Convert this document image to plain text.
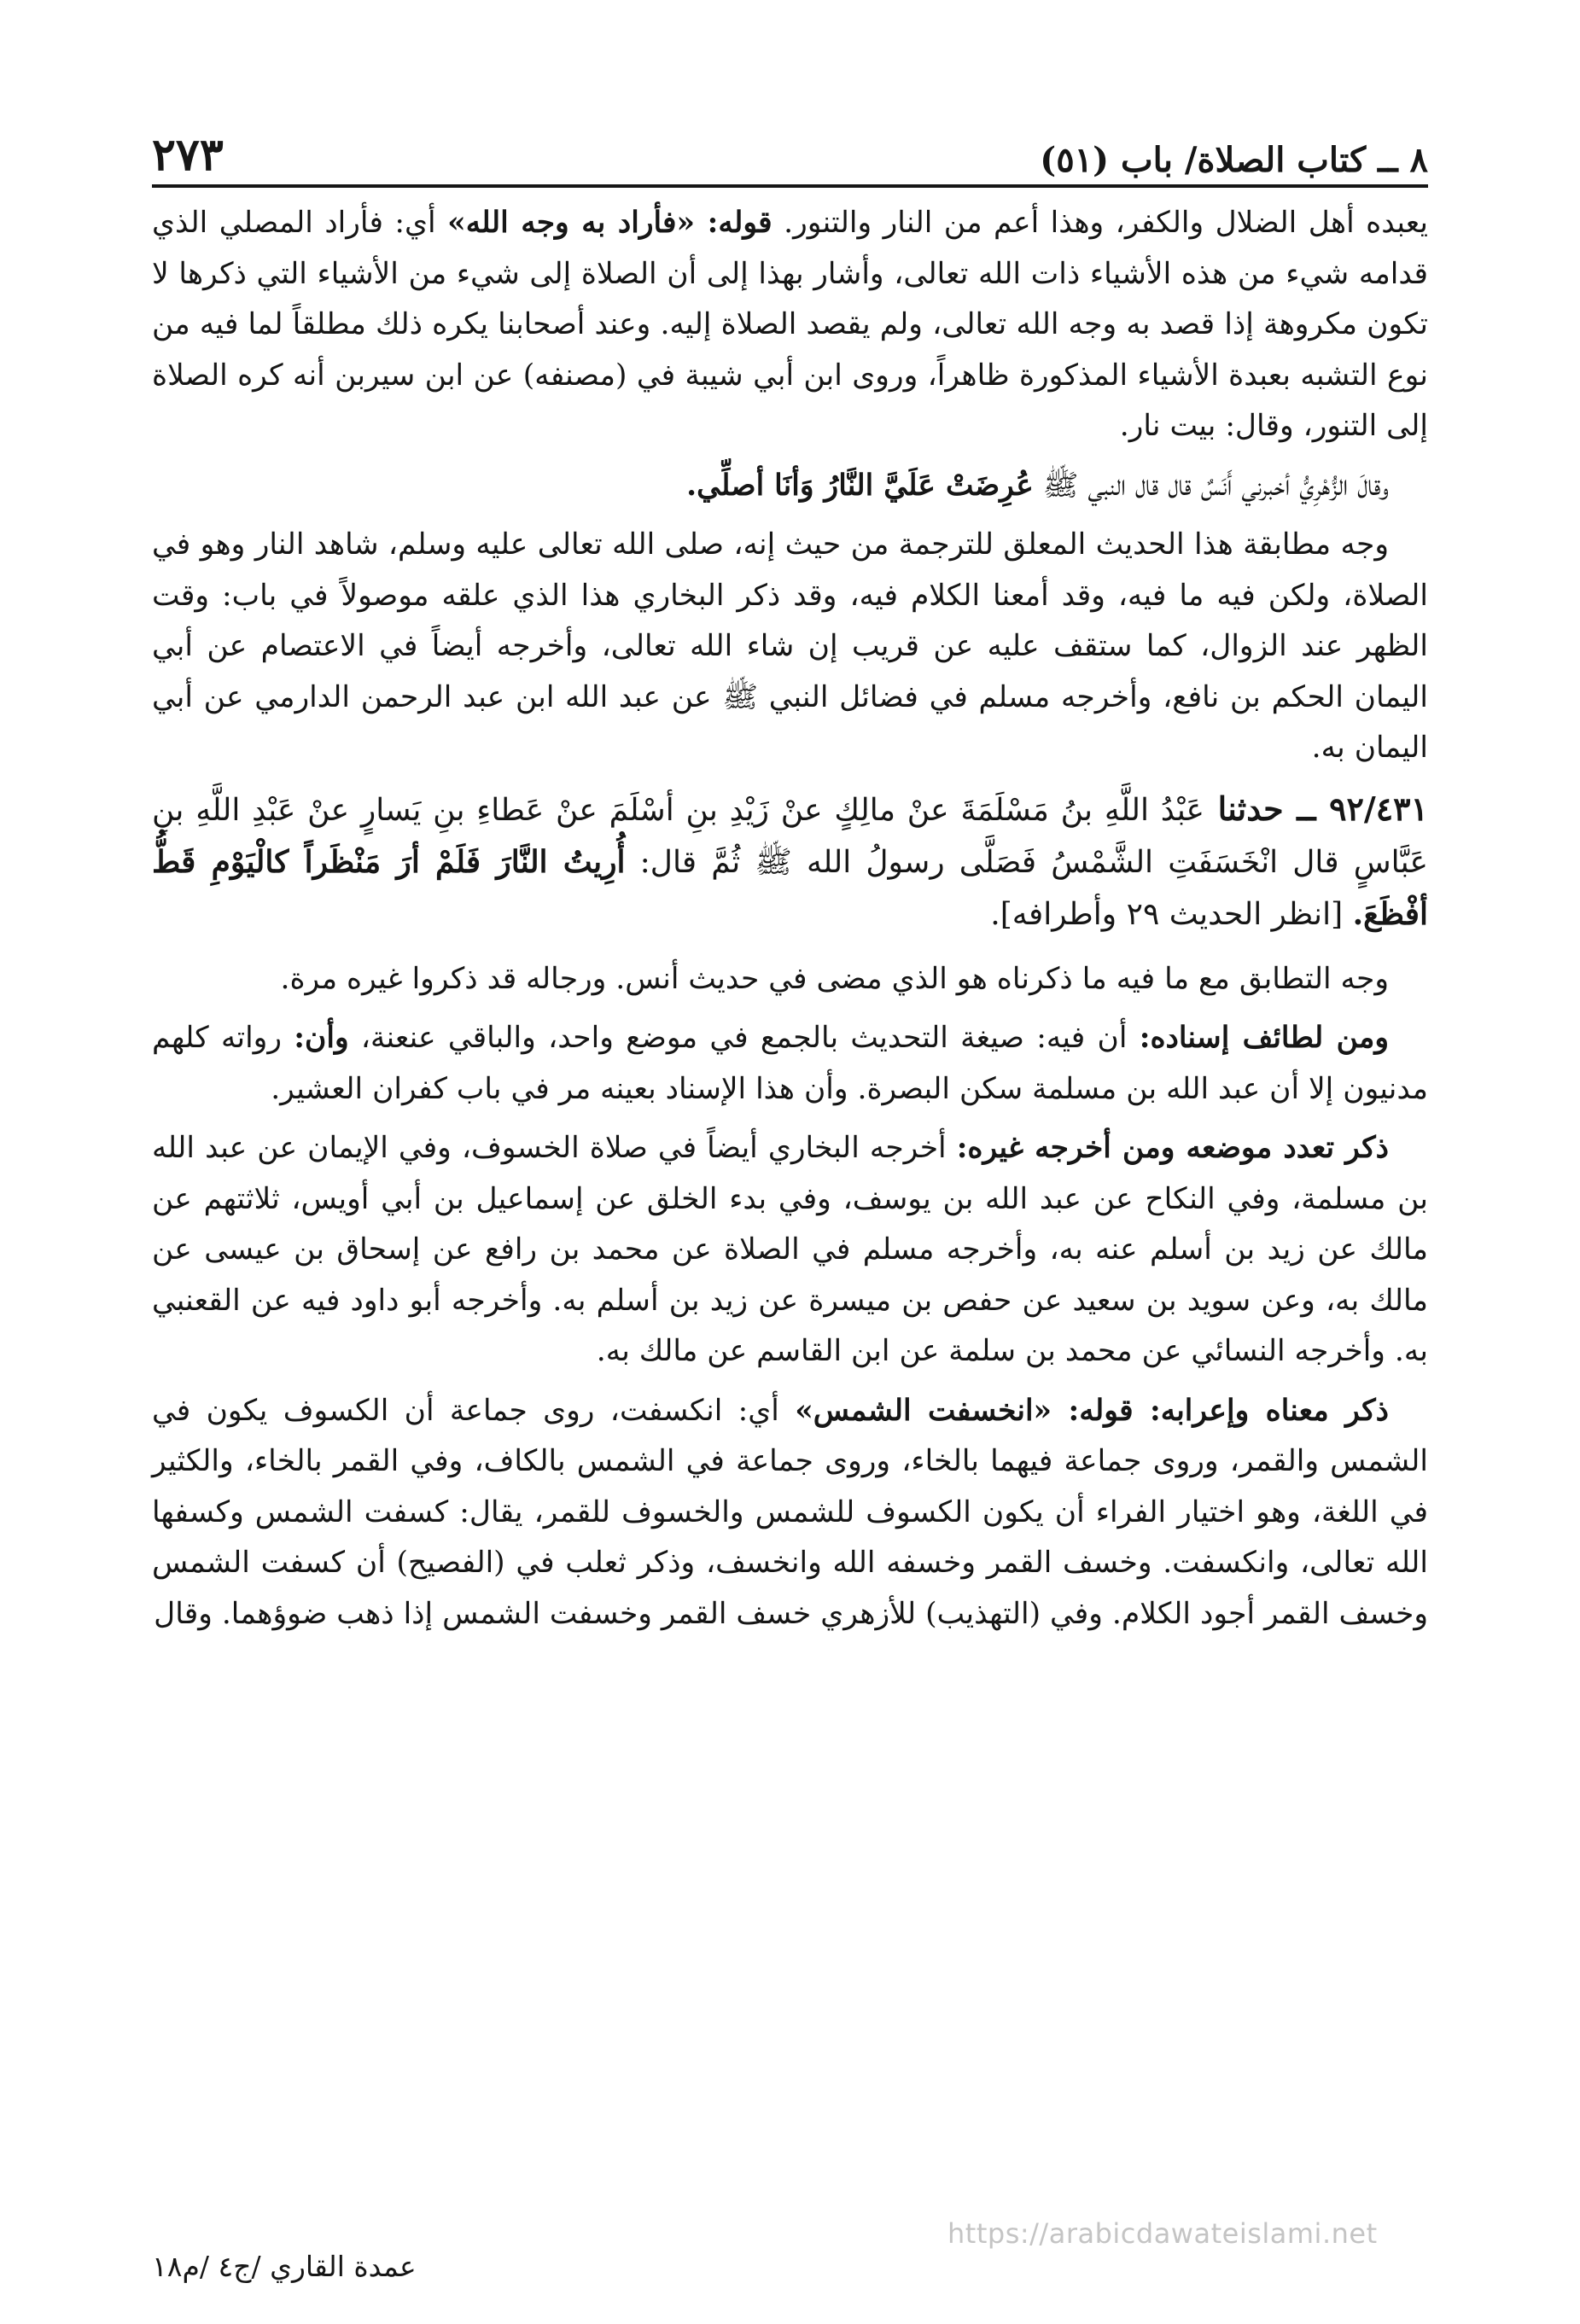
٨ ــ كتاب الصلاة/ باب (٥١)
٢٧٣

يعبده أهل الضلال والكفر، وهذا أعم من النار والتنور. قوله: «فأراد به وجه الله» أي: فأراد المصلي الذي قدامه شيء من هذه الأشياء ذات الله تعالى، وأشار بهذا إلى أن الصلاة إلى شيء من الأشياء التي ذكرها لا تكون مكروهة إذا قصد به وجه الله تعالى، ولم يقصد الصلاة إليه. وعند أصحابنا يكره ذلك مطلقاً لما فيه من نوع التشبه بعبدة الأشياء المذكورة ظاهراً، وروى ابن أبي شيبة في (مصنفه) عن ابن سيربن أنه كره الصلاة إلى التنور، وقال: بيت نار.

وقالَ الزُّهْرِيُّ أخبرني أَنَسٌ قال قال النبي ﷺ عُرِضَتْ عَلَيَّ النَّارُ وَأنَا أصلِّي.

وجه مطابقة هذا الحديث المعلق للترجمة من حيث إنه، صلى الله تعالى عليه وسلم، شاهد النار وهو في الصلاة، ولكن فيه ما فيه، وقد أمعنا الكلام فيه، وقد ذكر البخاري هذا الذي علقه موصولاً في باب: وقت الظهر عند الزوال، كما ستقف عليه عن قريب إن شاء الله تعالى، وأخرجه أيضاً في الاعتصام عن أبي اليمان الحكم بن نافع، وأخرجه مسلم في فضائل النبي ﷺ عن عبد الله ابن عبد الرحمن الدارمي عن أبي اليمان به.

٩٢/٤٣١ ــ حدثنا عَبْدُ اللَّهِ بنُ مَسْلَمَةَ عنْ مالِكٍ عنْ زَيْدِ بنِ أسْلَمَ عنْ عَطاءِ بنِ يَسارٍ عنْ عَبْدِ اللَّهِ بنِ عَبَّاسٍ قال انْخَسَفَتِ الشَّمْسُ فَصَلَّى رسولُ الله ﷺ ثُمَّ قال: أُرِيتُ النَّارَ فَلَمْ أرَ مَنْظَراً كالْيَوْمِ قَطُّ أفْظَعَ. [انظر الحديث ٢٩ وأطرافه].

وجه التطابق مع ما فيه ما ذكرناه هو الذي مضى في حديث أنس. ورجاله قد ذكروا غيره مرة.

ومن لطائف إسناده: أن فيه: صيغة التحديث بالجمع في موضع واحد، والباقي عنعنة، وأن: رواته كلهم مدنيون إلا أن عبد الله بن مسلمة سكن البصرة. وأن هذا الإسناد بعينه مر في باب كفران العشير.

ذكر تعدد موضعه ومن أخرجه غيره: أخرجه البخاري أيضاً في صلاة الخسوف، وفي الإيمان عن عبد الله بن مسلمة، وفي النكاح عن عبد الله بن يوسف، وفي بدء الخلق عن إسماعيل بن أبي أويس، ثلاثتهم عن مالك عن زيد بن أسلم عنه به، وأخرجه مسلم في الصلاة عن محمد بن رافع عن إسحاق بن عيسى عن مالك به، وعن سويد بن سعيد عن حفص بن ميسرة عن زيد بن أسلم به. وأخرجه أبو داود فيه عن القعنبي به. وأخرجه النسائي عن محمد بن سلمة عن ابن القاسم عن مالك به.

ذكر معناه وإعرابه: قوله: «انخسفت الشمس» أي: انكسفت، روى جماعة أن الكسوف يكون في الشمس والقمر، وروى جماعة فيهما بالخاء، وروى جماعة في الشمس بالكاف، وفي القمر بالخاء، والكثير في اللغة، وهو اختيار الفراء أن يكون الكسوف للشمس والخسوف للقمر، يقال: كسفت الشمس وكسفها الله تعالى، وانكسفت. وخسف القمر وخسفه الله وانخسف، وذكر ثعلب في (الفصيح) أن كسفت الشمس وخسف القمر أجود الكلام. وفي (التهذيب) للأزهري خسف القمر وخسفت الشمس إذا ذهب ضوؤهما. وقال

https://arabicdawateislami.net
عمدة القاري /ج٤ /م١٨
